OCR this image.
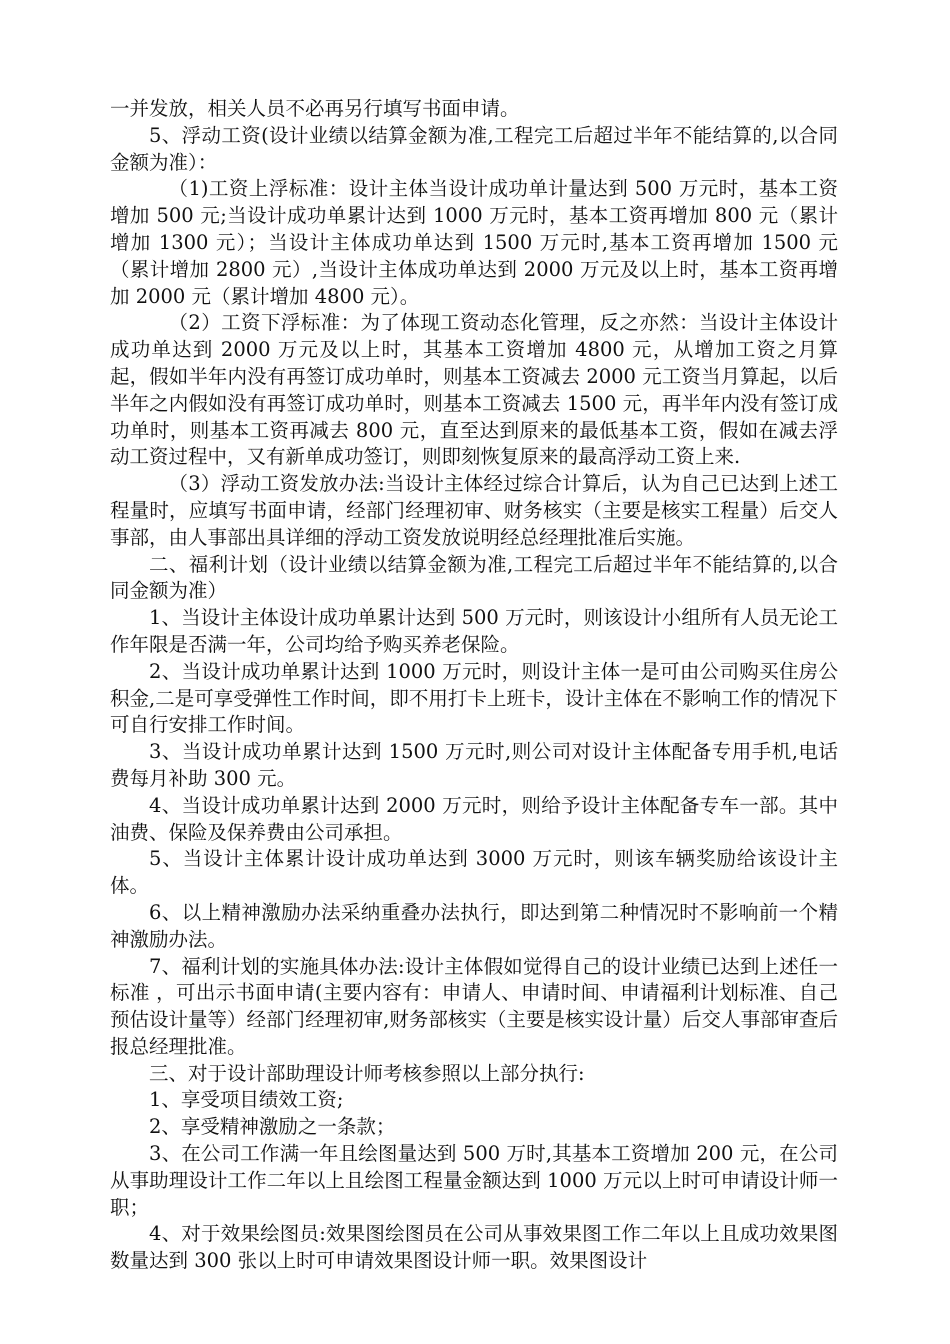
一并发放，相关人员不必再另行填写书面申请。

5、浮动工资(设计业绩以结算金额为准,工程完工后超过半年不能结算的,以合同金额为准）：

（1)工资上浮标准：设计主体当设计成功单计量达到 500 万元时，基本工资增加 500 元;当设计成功单累计达到 1000 万元时，基本工资再增加 800 元（累计增加 1300 元）；当设计主体成功单达到 1500 万元时,基本工资再增加 1500 元（累计增加 2800 元）,当设计主体成功单达到 2000 万元及以上时，基本工资再增加 2000 元（累计增加 4800 元）。

（2）工资下浮标准：为了体现工资动态化管理，反之亦然：当设计主体设计成功单达到 2000 万元及以上时，其基本工资增加 4800 元，从增加工资之月算起，假如半年内没有再签订成功单时，则基本工资减去 2000 元工资当月算起，以后半年之内假如没有再签订成功单时，则基本工资减去 1500 元，再半年内没有签订成功单时，则基本工资再减去 800 元，直至达到原来的最低基本工资，假如在减去浮动工资过程中，又有新单成功签订，则即刻恢复原来的最高浮动工资上来.

（3）浮动工资发放办法:当设计主体经过综合计算后，认为自己已达到上述工程量时，应填写书面申请，经部门经理初审、财务核实（主要是核实工程量）后交人事部，由人事部出具详细的浮动工资发放说明经总经理批准后实施。

二、福利计划（设计业绩以结算金额为准,工程完工后超过半年不能结算的,以合同金额为准）

1、当设计主体设计成功单累计达到 500 万元时，则该设计小组所有人员无论工作年限是否满一年，公司均给予购买养老保险。

2、当设计成功单累计达到 1000 万元时，则设计主体一是可由公司购买住房公积金,二是可享受弹性工作时间，即不用打卡上班卡，设计主体在不影响工作的情况下可自行安排工作时间。

3、当设计成功单累计达到 1500 万元时,则公司对设计主体配备专用手机,电话费每月补助 300 元。

4、当设计成功单累计达到 2000 万元时，则给予设计主体配备专车一部。其中油费、保险及保养费由公司承担。

5、当设计主体累计设计成功单达到 3000 万元时，则该车辆奖励给该设计主体。

6、以上精神激励办法采纳重叠办法执行，即达到第二种情况时不影响前一个精神激励办法。

7、福利计划的实施具体办法:设计主体假如觉得自己的设计业绩已达到上述任一标准 ，可出示书面申请(主要内容有：申请人、申请时间、申请福利计划标准、自己预估设计量等）经部门经理初审,财务部核实（主要是核实设计量）后交人事部审查后报总经理批准。

三、对于设计部助理设计师考核参照以上部分执行:

1、享受项目绩效工资;

2、享受精神激励之一条款；

3、在公司工作满一年且绘图量达到 500 万时,其基本工资增加 200 元，在公司从事助理设计工作二年以上且绘图工程量金额达到 1000 万元以上时可申请设计师一职；

4、对于效果绘图员:效果图绘图员在公司从事效果图工作二年以上且成功效果图数量达到 300 张以上时可申请效果图设计师一职。效果图设计
